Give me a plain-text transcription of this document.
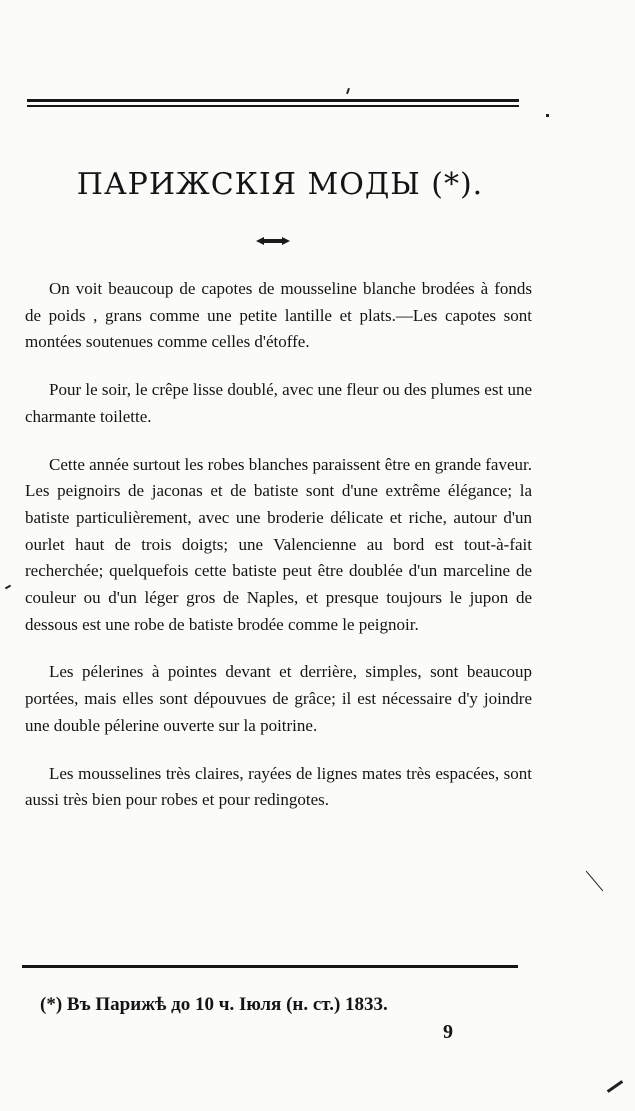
ПАРИЖСКІЯ МОДЫ (*).

On voit beaucoup de capotes de mousseline blanche brodées à fonds de poids , grans comme une petite lantille et plats.—Les capotes sont montées soutenues comme celles d'étoffe.

Pour le soir, le crêpe lisse doublé, avec une fleur ou des plumes est une charmante toilette.

Cette année surtout les robes blanches paraissent être en grande faveur. Les peignoirs de jaconas et de batiste sont d'une extrême élégance; la batiste particulièrement, avec une broderie délicate et riche, autour d'un ourlet haut de trois doigts; une Valencienne au bord est tout-à-fait recherchée; quelquefois cette batiste peut être doublée d'un marceline de couleur ou d'un léger gros de Naples, et presque toujours le jupon de dessous est une robe de batiste brodée comme le peignoir.

Les pélerines à pointes devant et derrière, simples, sont beaucoup portées, mais elles sont dépouvues de grâce; il est nécessaire d'y joindre une double pélerine ouverte sur la poitrine.

Les mousselines très claires, rayées de lignes mates très espacées, sont aussi très bien pour robes et pour redingotes.

(*) Въ Парижѣ до 10 ч. Іюля (н. ст.) 1833.
9
